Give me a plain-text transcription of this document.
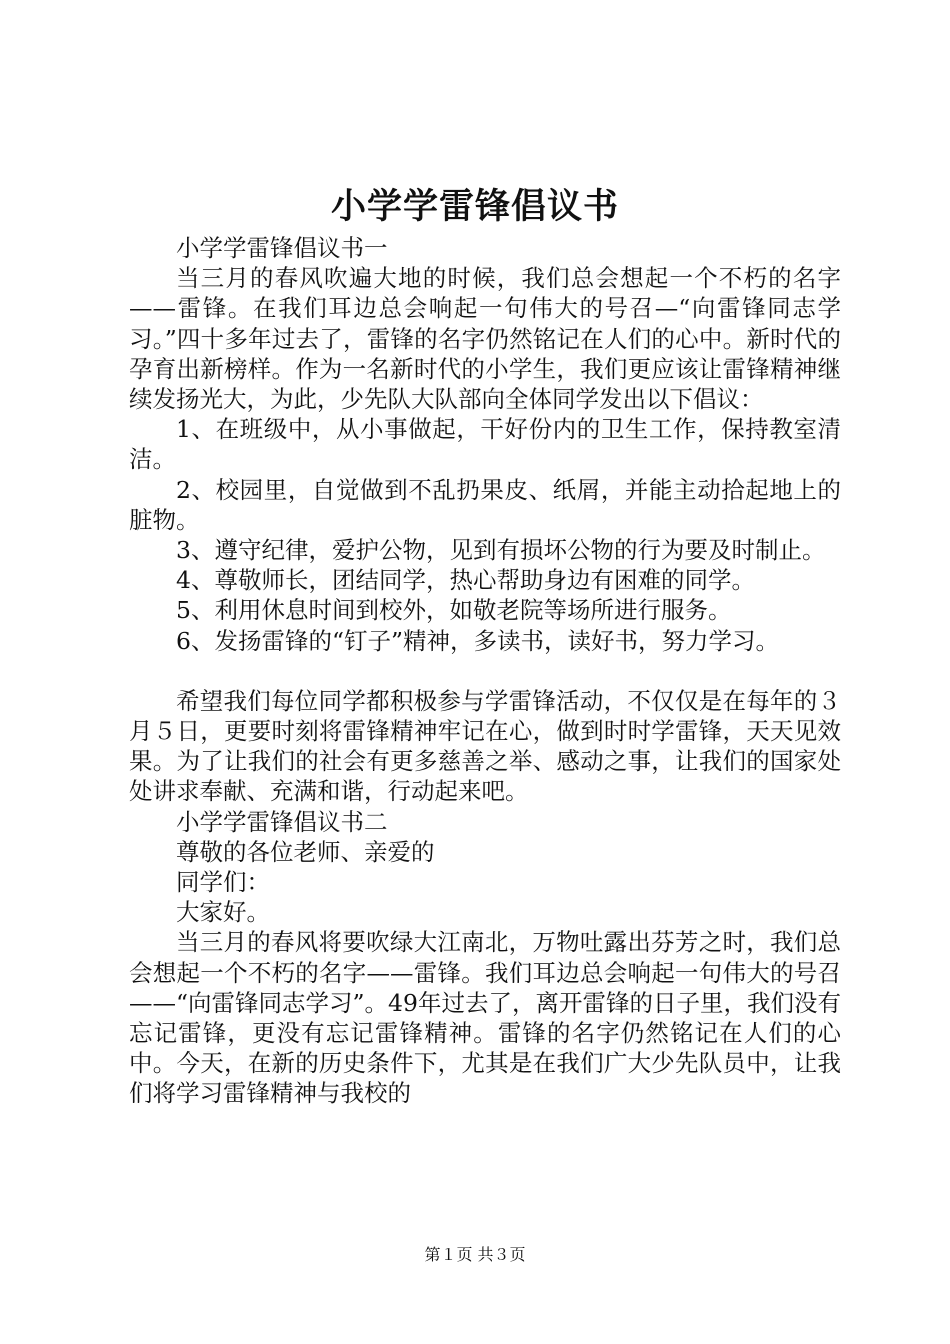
小学学雷锋倡议书

小学学雷锋倡议书一

当三月的春风吹遍大地的时候，我们总会想起一个不朽的名字——雷锋。在我们耳边总会响起一句伟大的号召—“向雷锋同志学习。”四十多年过去了，雷锋的名字仍然铭记在人们的心中。新时代的孕育出新榜样。作为一名新时代的小学生，我们更应该让雷锋精神继续发扬光大，为此，少先队大队部向全体同学发出以下倡议：

1、在班级中，从小事做起，干好份内的卫生工作，保持教室清洁。

2、校园里，自觉做到不乱扔果皮、纸屑，并能主动拾起地上的脏物。

3、遵守纪律，爱护公物，见到有损坏公物的行为要及时制止。

4、尊敬师长，团结同学，热心帮助身边有困难的同学。

5、利用休息时间到校外，如敬老院等场所进行服务。

6、发扬雷锋的“钉子”精神，多读书，读好书，努力学习。

希望我们每位同学都积极参与学雷锋活动，不仅仅是在每年的３月５日，更要时刻将雷锋精神牢记在心，做到时时学雷锋，天天见效果。为了让我们的社会有更多慈善之举、感动之事，让我们的国家处处讲求奉献、充满和谐，行动起来吧。

小学学雷锋倡议书二

尊敬的各位老师、亲爱的

同学们：

大家好。

当三月的春风将要吹绿大江南北，万物吐露出芬芳之时，我们总会想起一个不朽的名字——雷锋。我们耳边总会响起一句伟大的号召——“向雷锋同志学习”。49年过去了，离开雷锋的日子里，我们没有忘记雷锋，更没有忘记雷锋精神。雷锋的名字仍然铭记在人们的心中。今天，在新的历史条件下，尤其是在我们广大少先队员中，让我们将学习雷锋精神与我校的

第１页 共３页
